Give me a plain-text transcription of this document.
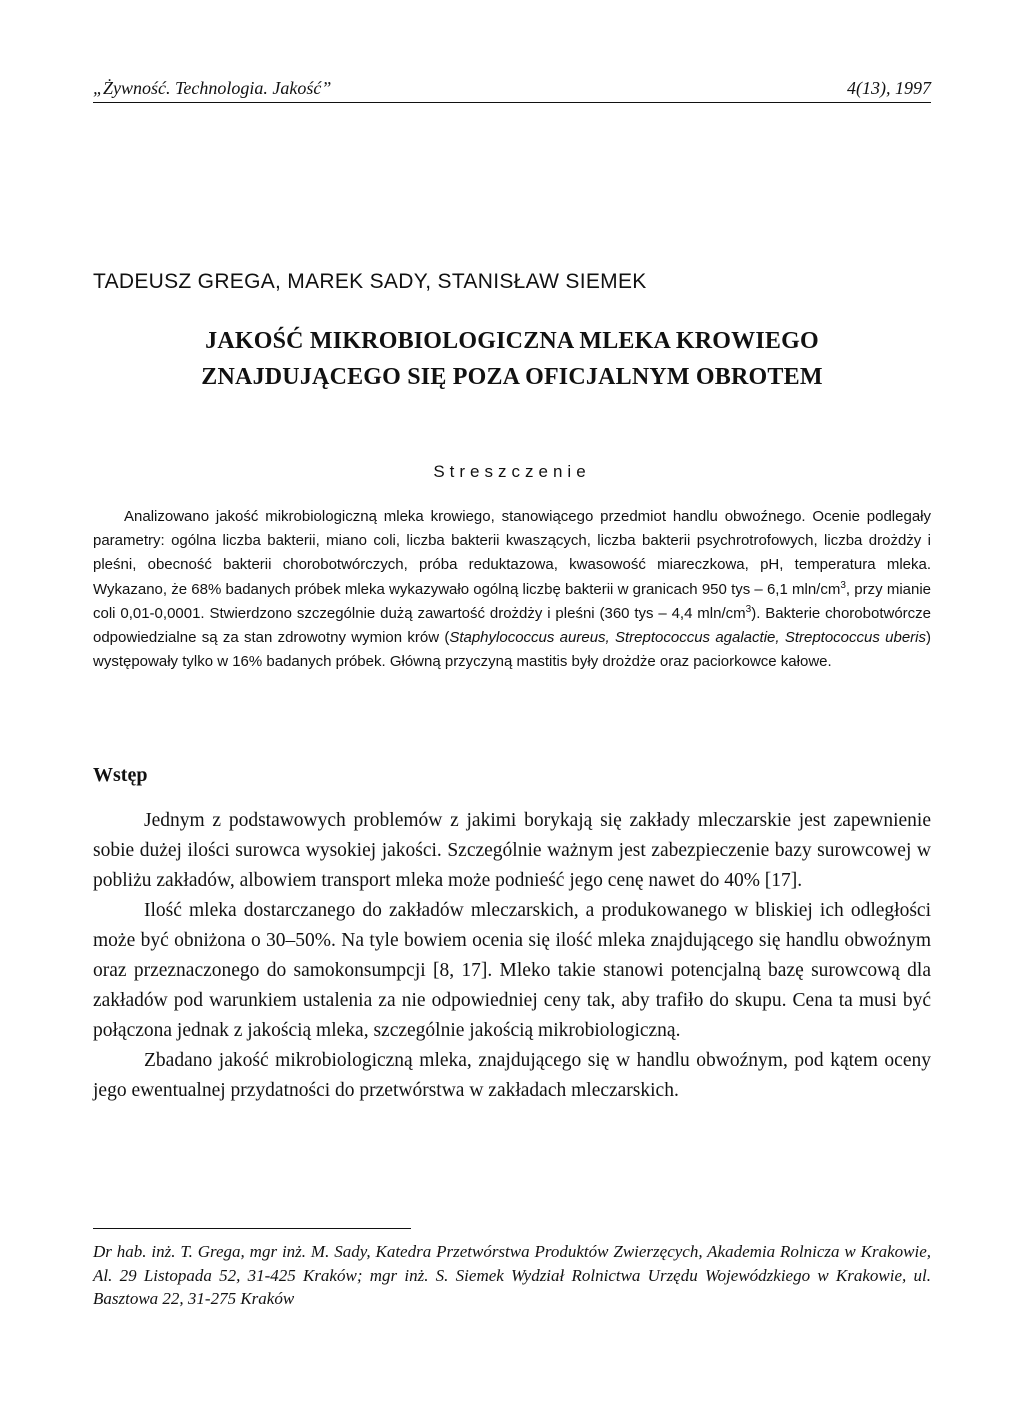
„Żywność. Technologia. Jakość”	4(13), 1997
TADEUSZ GREGA, MAREK SADY, STANISŁAW SIEMEK
JAKOŚĆ MIKROBIOLOGICZNA MLEKA KROWIEGO
ZNAJDUJĄCEGO SIĘ POZA OFICJALNYM OBROTEM
Streszczenie
Analizowano jakość mikrobiologiczną mleka krowiego, stanowiącego przedmiot handlu obwoźnego. Ocenie podlegały parametry: ogólna liczba bakterii, miano coli, liczba bakterii kwaszących, liczba bakterii psychrotrofowych, liczba drożdży i pleśni, obecność bakterii chorobotwórczych, próba reduktazowa, kwasowość miareczkowa, pH, temperatura mleka. Wykazano, że 68% badanych próbek mleka wykazywało ogólną liczbę bakterii w granicach 950 tys – 6,1 mln/$cm^3$, przy mianie coli 0,01-0,0001. Stwierdzono szczególnie dużą zawartość drożdży i pleśni (360 tys – 4,4 mln/$cm^3$). Bakterie chorobotwórcze odpowiedzialne są za stan zdrowotny wymion krów (Staphylococcus aureus, Streptococcus agalactie, Streptococcus uberis) występowały tylko w 16% badanych próbek. Główną przyczyną mastitis były drożdże oraz paciorkowce kałowe.
Wstęp

Jednym z podstawowych problemów z jakimi borykają się zakłady mleczarskie jest zapewnienie sobie dużej ilości surowca wysokiej jakości. Szczególnie ważnym jest zabezpieczenie bazy surowcowej w pobliżu zakładów, albowiem transport mleka może podnieść jego cenę nawet do 40% [17].

Ilość mleka dostarczanego do zakładów mleczarskich, a produkowanego w bliskiej ich odległości może być obniżona o 30–50%. Na tyle bowiem ocenia się ilość mleka znajdującego się handlu obwoźnym oraz przeznaczonego do samokonsumpcji [8, 17]. Mleko takie stanowi potencjalną bazę surowcową dla zakładów pod warunkiem ustalenia za nie odpowiedniej ceny tak, aby trafiło do skupu. Cena ta musi być połączona jednak z jakością mleka, szczególnie jakością mikrobiologiczną.

Zbadano jakość mikrobiologiczną mleka, znajdującego się w handlu obwoźnym, pod kątem oceny jego ewentualnej przydatności do przetwórstwa w zakładach mleczarskich.

Dr hab. inż. T. Grega, mgr inż. M. Sady, Katedra Przetwórstwa Produktów Zwierzęcych, Akademia Rolnicza w Krakowie, Al. 29 Listopada 52, 31-425 Kraków; mgr inż. S. Siemek Wydział Rolnictwa Urzędu Wojewódzkiego w Krakowie, ul. Basztowa 22, 31-275 Kraków
